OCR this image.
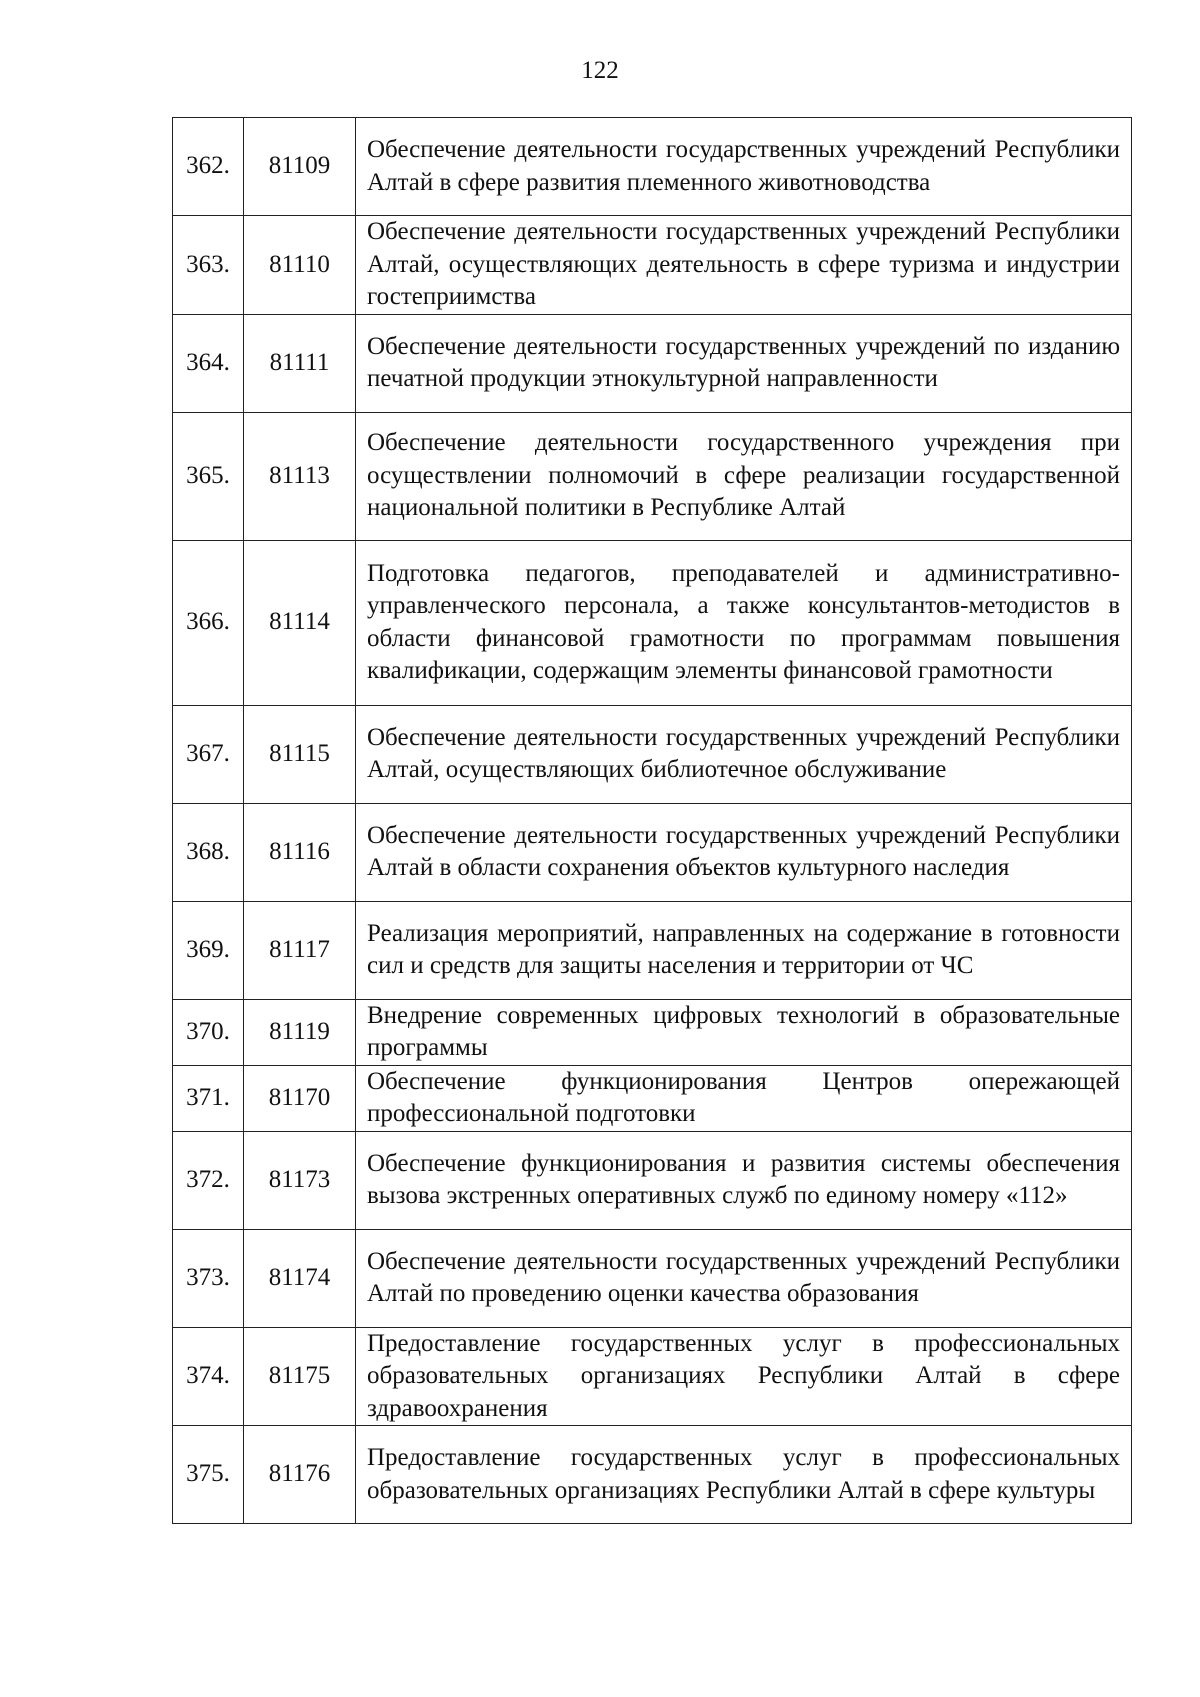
122
362.	81109	Обеспечение деятельности государственных учреждений Республики Алтай в сфере развития племенного животноводства
363.	81110	Обеспечение деятельности государственных учреждений Республики Алтай, осуществляющих деятельность в сфере туризма и индустрии гостеприимства
364.	81111	Обеспечение деятельности государственных учреждений по изданию печатной продукции этнокультурной направленности
365.	81113	Обеспечение деятельности государственного учреждения при осуществлении полномочий в сфере реализации государственной национальной политики в Республике Алтай
366.	81114	Подготовка педагогов, преподавателей и административно-управленческого персонала, а также консультантов-методистов в области финансовой грамотности по программам повышения квалификации, содержащим элементы финансовой грамотности
367.	81115	Обеспечение деятельности государственных учреждений Республики Алтай, осуществляющих библиотечное обслуживание
368.	81116	Обеспечение деятельности государственных учреждений Республики Алтай в области сохранения объектов культурного наследия
369.	81117	Реализация мероприятий, направленных на содержание в готовности сил и средств для защиты населения и территории от ЧС
370.	81119	Внедрение современных цифровых технологий в образовательные программы
371.	81170	Обеспечение функционирования Центров опережающей профессиональной подготовки
372.	81173	Обеспечение функционирования и развития системы обеспечения вызова экстренных оперативных служб по единому номеру «112»
373.	81174	Обеспечение деятельности государственных учреждений Республики Алтай по проведению оценки качества образования
374.	81175	Предоставление государственных услуг в профессиональных образовательных организациях Республики Алтай в сфере здравоохранения
375.	81176	Предоставление государственных услуг в профессиональных образовательных организациях Республики Алтай в сфере культуры
